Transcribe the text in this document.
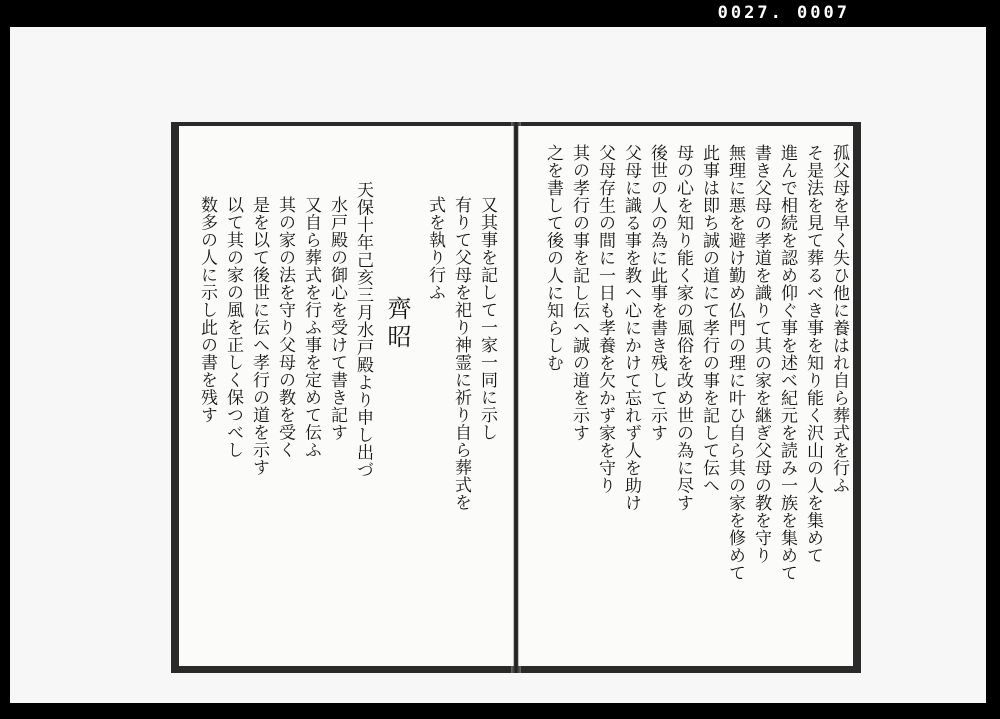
0027. 0007
孤父母を早く失ひ他に養はれ自ら葬式を行ふ
そ是法を見て葬るべき事を知り能く沢山の人を集めて
進んで相続を認め仰ぐ事を述べ紀元を読み一族を集めて
書き父母の孝道を識りて其の家を継ぎ父母の教を守り
無理に悪を避け勤め仏門の理に叶ひ自ら其の家を修めて
此事は即ち誠の道にて孝行の事を記して伝へ
母の心を知り能く家の風俗を改め世の為に尽す
後世の人の為に此事を書き残して示す
父母に識る事を教へ心にかけて忘れず人を助け
父母存生の間に一日も孝養を欠かず家を守り
其の孝行の事を記し伝へ誠の道を示す
之を書して後の人に知らしむ
又其事を記して一家一同に示し
有りて父母を祀り神霊に祈り自ら葬式を
式を執り行ふ
齊昭
天保十年己亥三月水戸殿より申し出づ
水戸殿の御心を受けて書き記す
又自ら葬式を行ふ事を定めて伝ふ
其の家の法を守り父母の教を受く
是を以て後世に伝へ孝行の道を示す
以て其の家の風を正しく保つべし
数多の人に示し此の書を残す
